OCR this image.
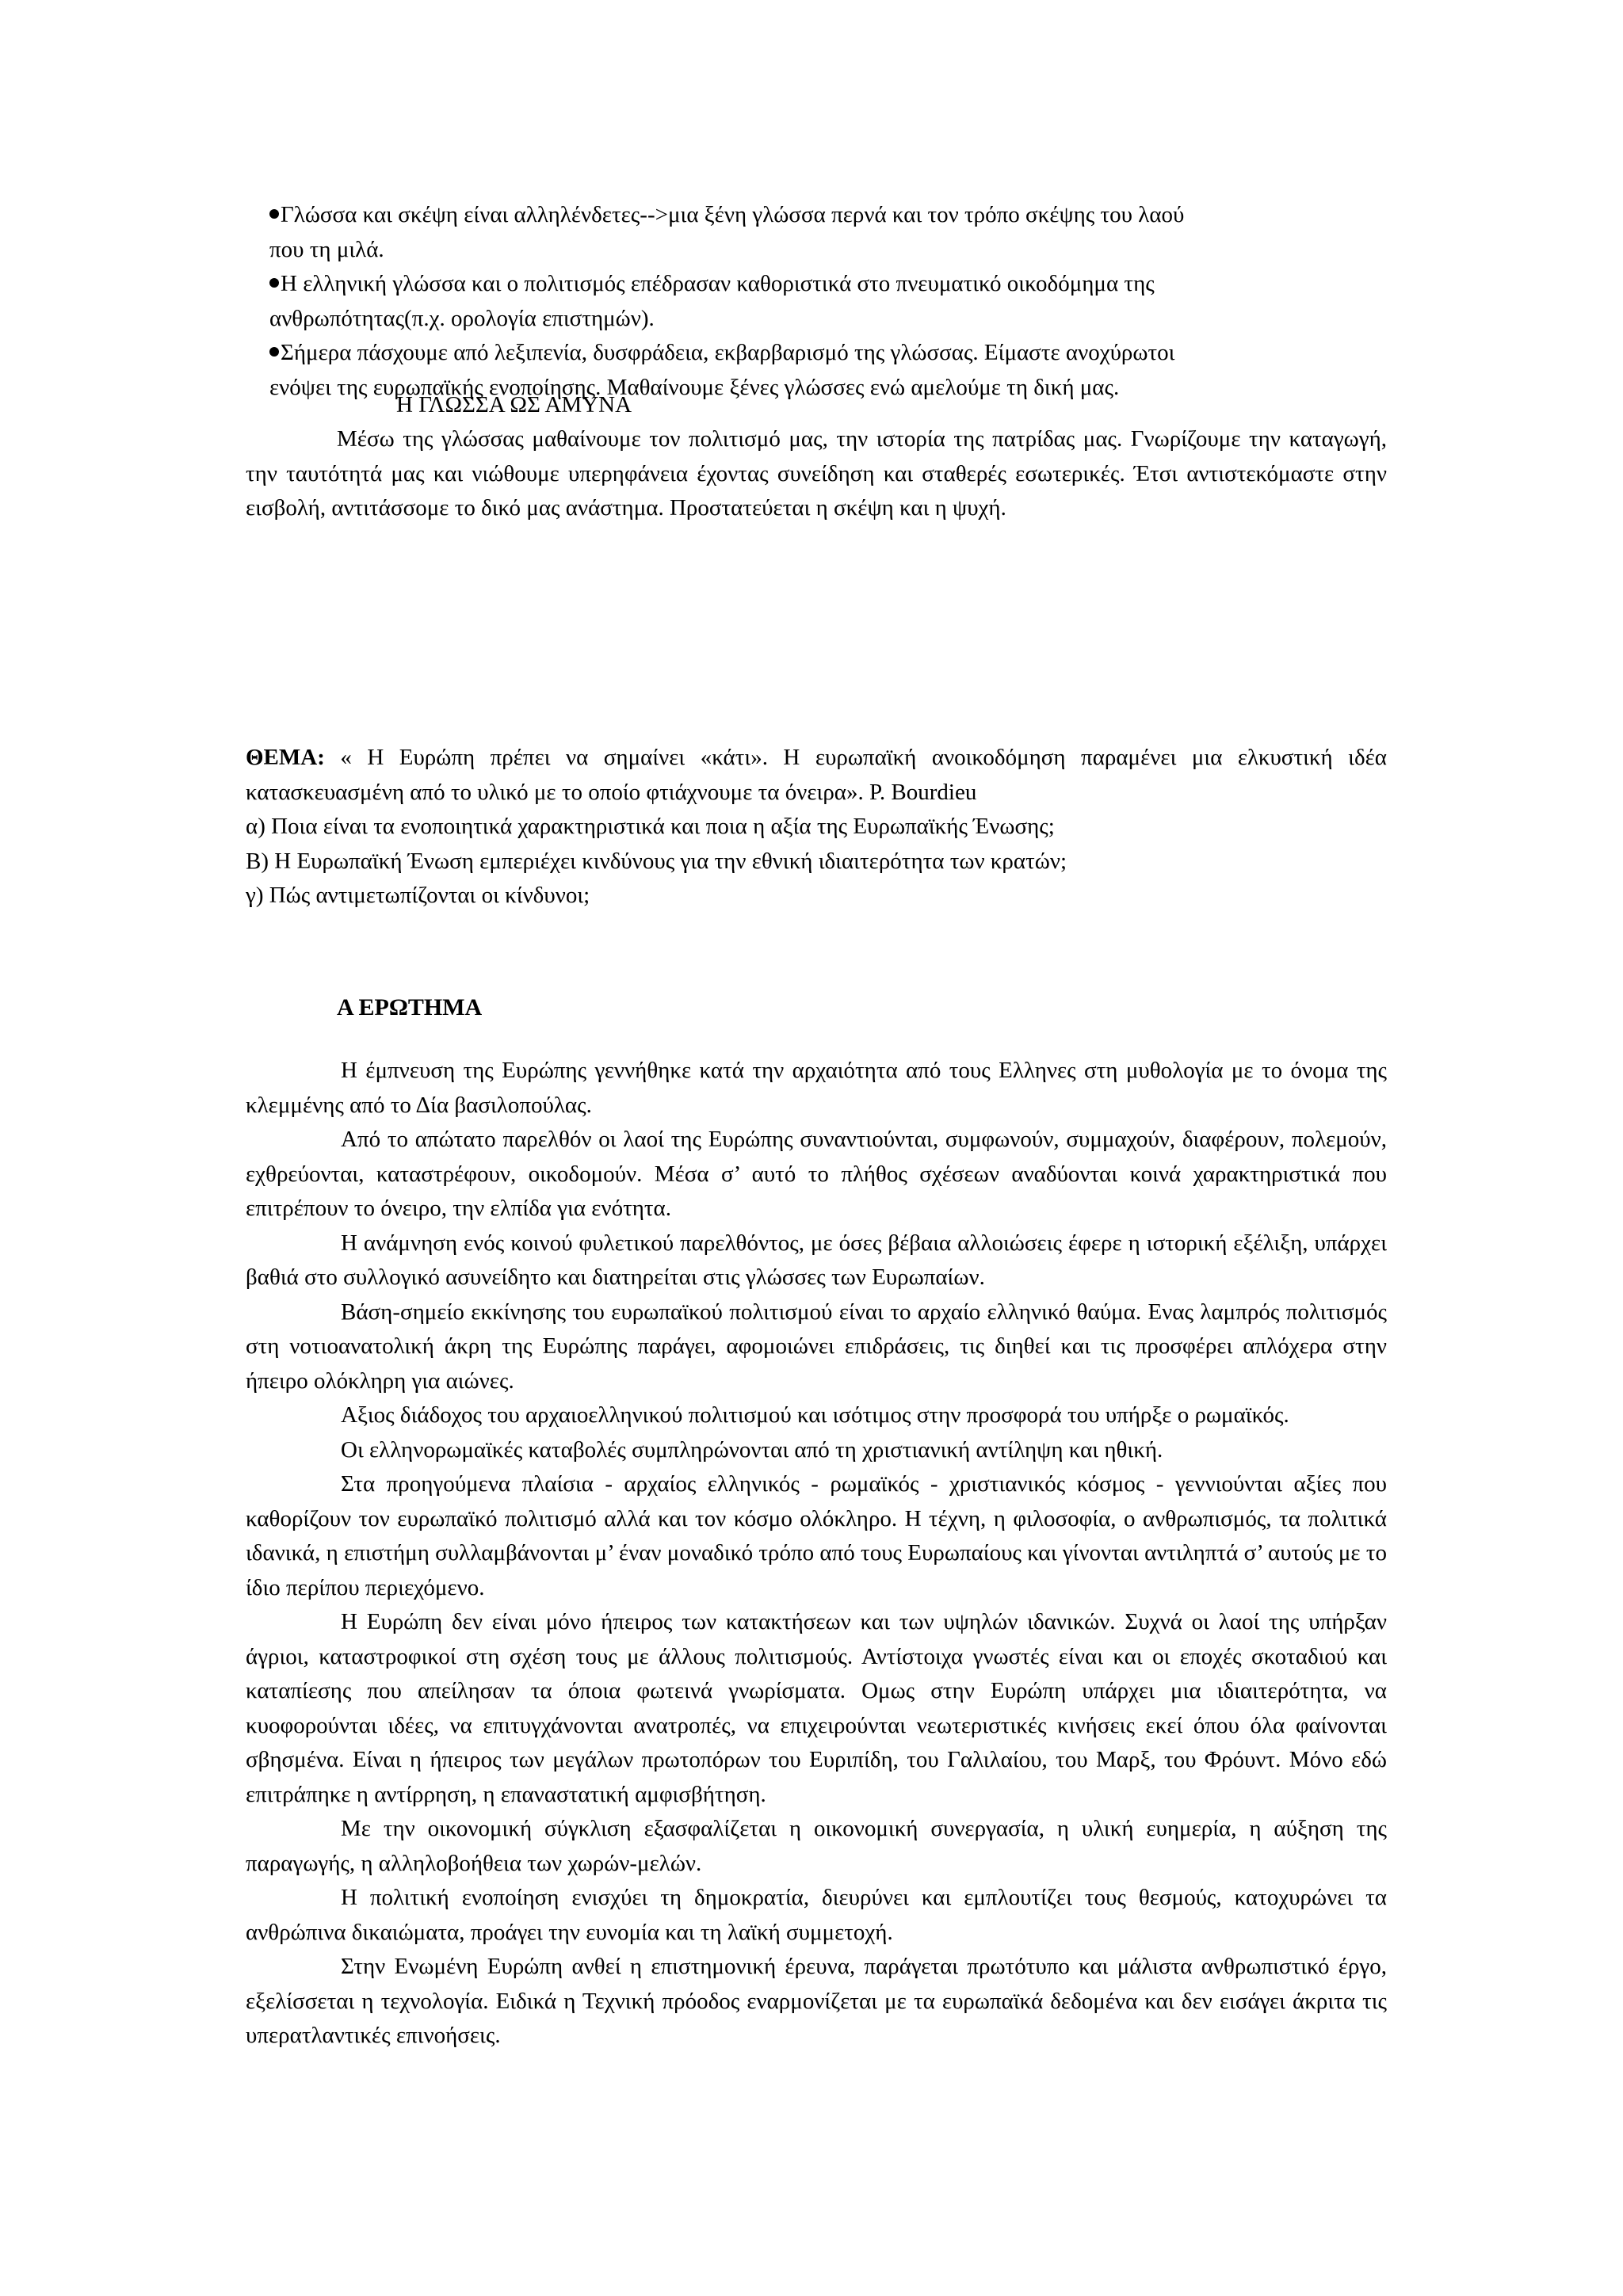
Γλώσσα και σκέψη είναι αλληλένδετες-->μια ξένη γλώσσα περνά και τον τρόπο σκέψης του λαού

που τη μιλά.

Η ελληνική γλώσσα και ο πολιτισμός επέδρασαν καθοριστικά στο πνευματικό οικοδόμημα της

ανθρωπότητας(π.χ. ορολογία επιστημών).

Σήμερα πάσχουμε από λεξιπενία, δυσφράδεια, εκβαρβαρισμό της γλώσσας. Είμαστε ανοχύρωτοι

ενόψει της ευρωπαϊκής ενοποίησης. Μαθαίνουμε ξένες γλώσσες ενώ αμελούμε τη δική μας.

Η ΓΛΩΣΣΑ ΩΣ ΑΜΥΝΑ

Μέσω της γλώσσας μαθαίνουμε τον πολιτισμό μας, την ιστορία της πατρίδας μας. Γνωρίζουμε την καταγωγή, την ταυτότητά μας και νιώθουμε υπερηφάνεια έχοντας συνείδηση και σταθερές εσωτερικές. Έτσι αντιστεκόμαστε στην εισβολή, αντιτάσσομε το δικό μας ανάστημα. Προστατεύεται η σκέψη και η ψυχή.

ΘΕΜΑ: « Η Ευρώπη πρέπει να σημαίνει «κάτι». Η ευρωπαϊκή ανοικοδόμηση παραμένει μια ελκυστική ιδέα κατασκευασμένη από το υλικό με το οποίο φτιάχνουμε τα όνειρα». P. Bourdieu

α) Ποια είναι τα ενοποιητικά χαρακτηριστικά και ποια η αξία της Ευρωπαϊκής Ένωσης;

Β) Η Ευρωπαϊκή Ένωση εμπεριέχει κινδύνους για την εθνική ιδιαιτερότητα των κρατών;

γ) Πώς αντιμετωπίζονται οι κίνδυνοι;

Α ΕΡΩΤΗΜΑ

Η έμπνευση της Ευρώπης γεννήθηκε κατά την αρχαιότητα από τους Ελληνες στη μυθολογία με το όνομα της κλεμμένης από το Δία βασιλοπούλας.

Από το απώτατο παρελθόν οι λαοί της Ευρώπης συναντιούνται, συμφωνούν, συμμαχούν, διαφέρουν, πολεμούν, εχθρεύονται, καταστρέφουν, οικοδομούν. Μέσα σ’ αυτό το πλήθος σχέσεων αναδύονται κοινά χαρακτηριστικά που επιτρέπουν το όνειρο, την ελπίδα για ενότητα.

Η ανάμνηση ενός κοινού φυλετικού παρελθόντος, με όσες βέβαια αλλοιώσεις έφερε η ιστορική εξέλιξη, υπάρχει βαθιά στο συλλογικό ασυνείδητο και διατηρείται στις γλώσσες των Ευρωπαίων.

Βάση-σημείο εκκίνησης του ευρωπαϊκού πολιτισμού είναι το αρχαίο ελληνικό θαύμα. Ενας λαμπρός πολιτισμός στη νοτιοανατολική άκρη της Ευρώπης παράγει, αφομοιώνει επιδράσεις, τις διηθεί και τις προσφέρει απλόχερα στην ήπειρο ολόκληρη για αιώνες.

Αξιος διάδοχος του αρχαιοελληνικού πολιτισμού και ισότιμος στην προσφορά του υπήρξε ο ρωμαϊκός.

Οι ελληνορωμαϊκές καταβολές συμπληρώνονται από τη χριστιανική αντίληψη και ηθική.

Στα προηγούμενα πλαίσια - αρχαίος ελληνικός - ρωμαϊκός - χριστιανικός κόσμος - γεννιούνται αξίες που καθορίζουν τον ευρωπαϊκό πολιτισμό αλλά και τον κόσμο ολόκληρο. Η τέχνη, η φιλοσοφία, ο ανθρωπισμός, τα πολιτικά ιδανικά, η επιστήμη συλλαμβάνονται μ’ έναν μοναδικό τρόπο από τους Ευρωπαίους και γίνονται αντιληπτά σ’ αυτούς με το ίδιο περίπου περιεχόμενο.

Η Ευρώπη δεν είναι μόνο ήπειρος των κατακτήσεων και των υψηλών ιδανικών. Συχνά οι λαοί της υπήρξαν άγριοι, καταστροφικοί στη σχέση τους με άλλους πολιτισμούς. Αντίστοιχα γνωστές είναι και οι εποχές σκοταδιού και καταπίεσης που απείλησαν τα όποια φωτεινά γνωρίσματα. Ομως στην Ευρώπη υπάρχει μια ιδιαιτερότητα, να κυοφορούνται ιδέες, να επιτυγχάνονται ανατροπές, να επιχειρούνται νεωτεριστικές κινήσεις εκεί όπου όλα φαίνονται σβησμένα. Είναι η ήπειρος των μεγάλων πρωτοπόρων του Ευριπίδη, του Γαλιλαίου, του Μαρξ, του Φρόυντ. Μόνο εδώ επιτράπηκε η αντίρρηση, η επαναστατική αμφισβήτηση.

Με την οικονομική σύγκλιση εξασφαλίζεται η οικονομική συνεργασία, η υλική ευημερία, η αύξηση της παραγωγής, η αλληλοβοήθεια των χωρών-μελών.

Η πολιτική ενοποίηση ενισχύει τη δημοκρατία, διευρύνει και εμπλουτίζει τους θεσμούς, κατοχυρώνει τα ανθρώπινα δικαιώματα, προάγει την ευνομία και τη λαϊκή συμμετοχή.

Στην Ενωμένη Ευρώπη ανθεί η επιστημονική έρευνα, παράγεται πρωτότυπο και μάλιστα ανθρωπιστικό έργο, εξελίσσεται η τεχνολογία. Ειδικά η Τεχνική πρόοδος εναρμονίζεται με τα ευρωπαϊκά δεδομένα και δεν εισάγει άκριτα τις υπερατλαντικές επινοήσεις.
